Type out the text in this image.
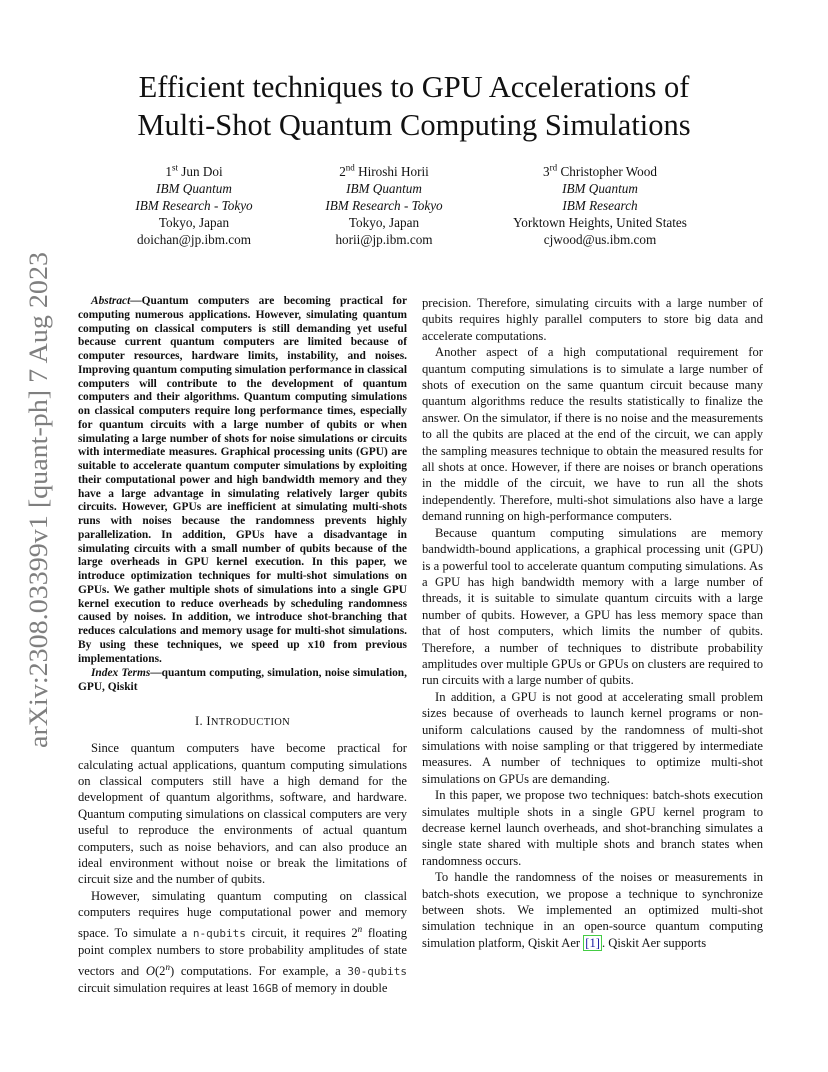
arXiv:2308.03399v1 [quant-ph] 7 Aug 2023
Efficient techniques to GPU Accelerations of
Multi-Shot Quantum Computing Simulations
1st Jun Doi
IBM Quantum
IBM Research - Tokyo
Tokyo, Japan
doichan@jp.ibm.com
2nd Hiroshi Horii
IBM Quantum
IBM Research - Tokyo
Tokyo, Japan
horii@jp.ibm.com
3rd Christopher Wood
IBM Quantum
IBM Research
Yorktown Heights, United States
cjwood@us.ibm.com
Abstract—Quantum computers are becoming practical for computing numerous applications. However, simulating quantum computing on classical computers is still demanding yet useful because current quantum computers are limited because of computer resources, hardware limits, instability, and noises. Improving quantum computing simulation performance in classical computers will contribute to the development of quantum computers and their algorithms. Quantum computing simulations on classical computers require long performance times, especially for quantum circuits with a large number of qubits or when simulating a large number of shots for noise simulations or circuits with intermediate measures. Graphical processing units (GPU) are suitable to accelerate quantum computer simulations by exploiting their computational power and high bandwidth memory and they have a large advantage in simulating relatively larger qubits circuits. However, GPUs are inefficient at simulating multi-shots runs with noises because the randomness prevents highly parallelization. In addition, GPUs have a disadvantage in simulating circuits with a small number of qubits because of the large overheads in GPU kernel execution. In this paper, we introduce optimization techniques for multi-shot simulations on GPUs. We gather multiple shots of simulations into a single GPU kernel execution to reduce overheads by scheduling randomness caused by noises. In addition, we introduce shot-branching that reduces calculations and memory usage for multi-shot simulations. By using these techniques, we speed up x10 from previous implementations.
Index Terms—quantum computing, simulation, noise simulation, GPU, Qiskit
I. INTRODUCTION

Since quantum computers have become practical for calculating actual applications, quantum computing simulations on classical computers still have a high demand for the development of quantum algorithms, software, and hardware. Quantum computing simulations on classical computers are very useful to reproduce the environments of actual quantum computers, such as noise behaviors, and can also produce an ideal environment without noise or break the limitations of circuit size and the number of qubits.

However, simulating quantum computing on classical computers requires huge computational power and memory space. To simulate a n-qubits circuit, it requires 2$^n$ floating point complex numbers to store probability amplitudes of state vectors and O(2$^n$) computations. For example, a 30-qubits circuit simulation requires at least 16GB of memory in double

precision. Therefore, simulating circuits with a large number of qubits requires highly parallel computers to store big data and accelerate computations.

Another aspect of a high computational requirement for quantum computing simulations is to simulate a large number of shots of execution on the same quantum circuit because many quantum algorithms reduce the results statistically to finalize the answer. On the simulator, if there is no noise and the measurements to all the qubits are placed at the end of the circuit, we can apply the sampling measures technique to obtain the measured results for all shots at once. However, if there are noises or branch operations in the middle of the circuit, we have to run all the shots independently. Therefore, multi-shot simulations also have a large demand running on high-performance computers.

Because quantum computing simulations are memory bandwidth-bound applications, a graphical processing unit (GPU) is a powerful tool to accelerate quantum computing simulations. As a GPU has high bandwidth memory with a large number of threads, it is suitable to simulate quantum circuits with a large number of qubits. However, a GPU has less memory space than that of host computers, which limits the number of qubits. Therefore, a number of techniques to distribute probability amplitudes over multiple GPUs or GPUs on clusters are required to run circuits with a large number of qubits.

In addition, a GPU is not good at accelerating small problem sizes because of overheads to launch kernel programs or non-uniform calculations caused by the randomness of multi-shot simulations with noise sampling or that triggered by intermediate measures. A number of techniques to optimize multi-shot simulations on GPUs are demanding.

In this paper, we propose two techniques: batch-shots execution simulates multiple shots in a single GPU kernel program to decrease kernel launch overheads, and shot-branching simulates a single state shared with multiple shots and branch states when randomness occurs.

To handle the randomness of the noises or measurements in batch-shots execution, we propose a technique to synchronize between shots. We implemented an optimized multi-shot simulation technique in an open-source quantum computing simulation platform, Qiskit Aer [1] . Qiskit Aer supports
